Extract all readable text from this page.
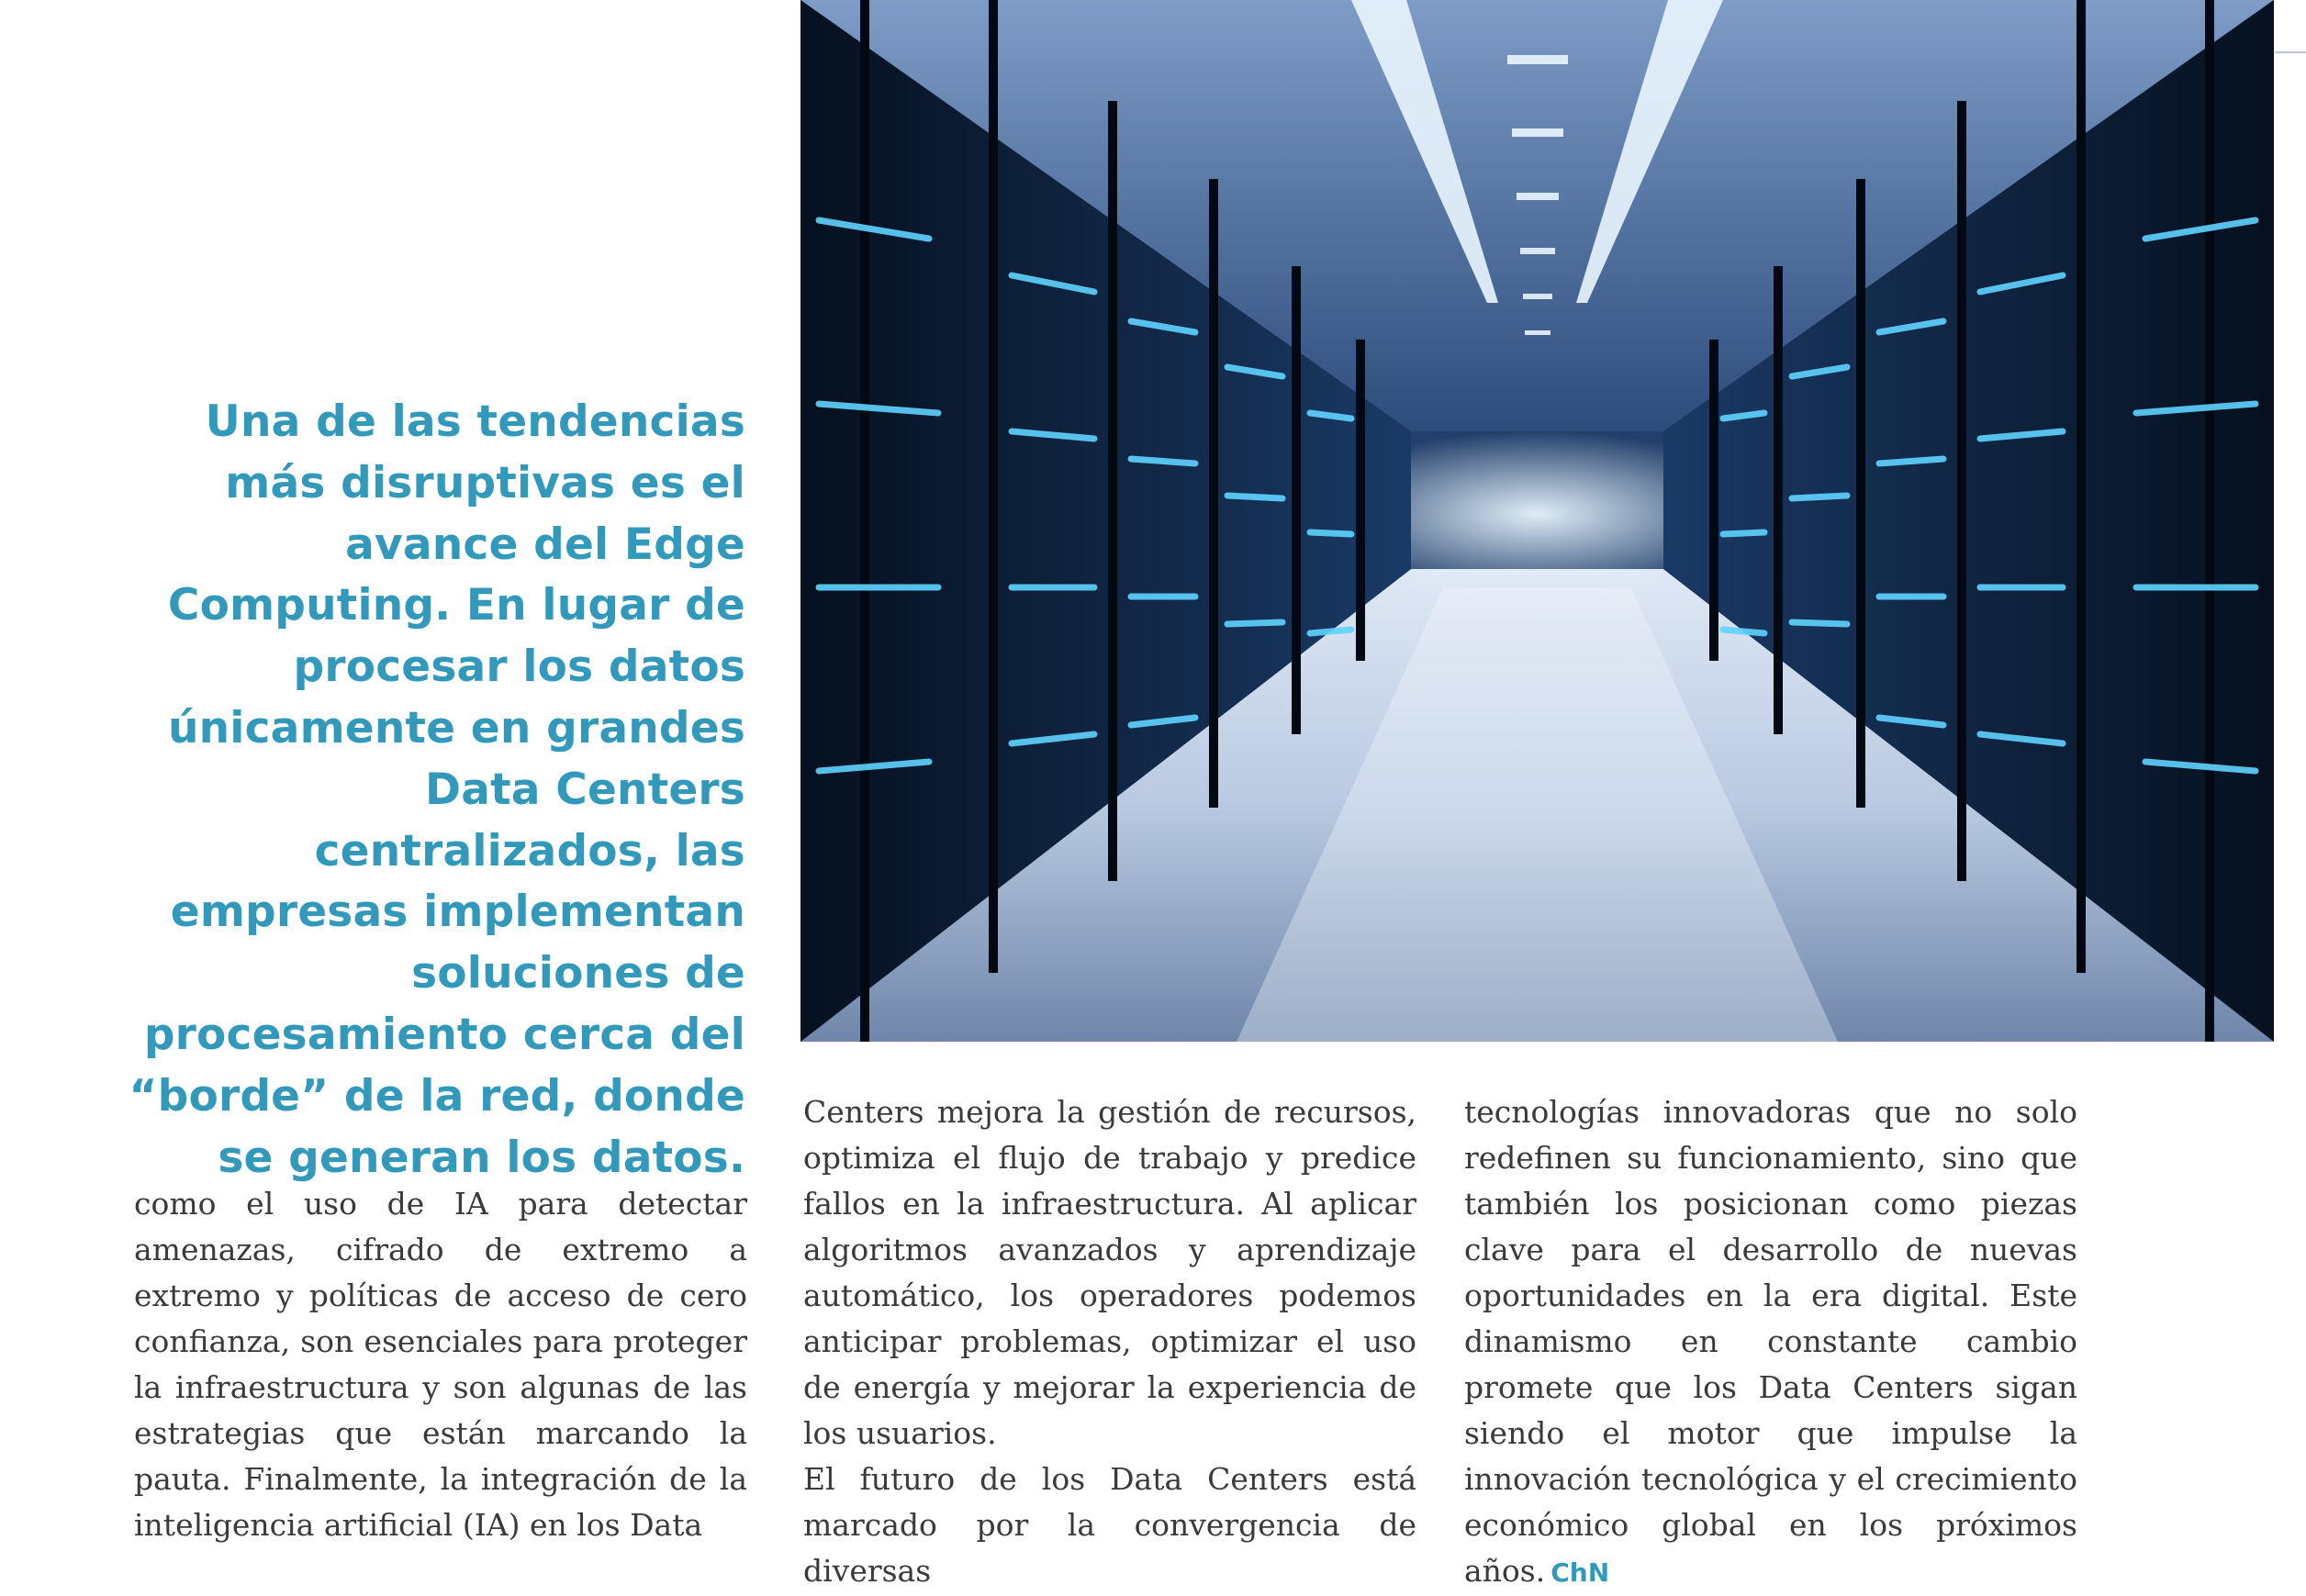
Una de las tendencias más disruptivas es el avance del Edge Computing. En lugar de procesar los datos únicamente en grandes Data Centers centralizados, las empresas implementan soluciones de procesamiento cerca del “borde” de la red, donde se generan los datos.

como el uso de IA para detectar amenazas, cifrado de extremo a extremo y políticas de acceso de cero confianza, son esenciales para proteger la infraestructura y son algunas de las estrategias que están marcando la pauta. Finalmente, la integración de la inteligencia artificial (IA) en los Data

Centers mejora la gestión de recursos, optimiza el flujo de trabajo y predice fallos en la infraestructura. Al aplicar algoritmos avanzados y aprendizaje automático, los operadores podemos anticipar problemas, optimizar el uso de energía y mejorar la experiencia de los usuarios.

El futuro de los Data Centers está marcado por la convergencia de diversas

tecnologías innovadoras que no solo redefinen su funcionamiento, sino que también los posicionan como piezas clave para el desarrollo de nuevas oportunidades en la era digital. Este dinamismo en constante cambio promete que los Data Centers sigan siendo el motor que impulse la innovación tecnológica y el crecimiento económico global en los próximos años. ChN
